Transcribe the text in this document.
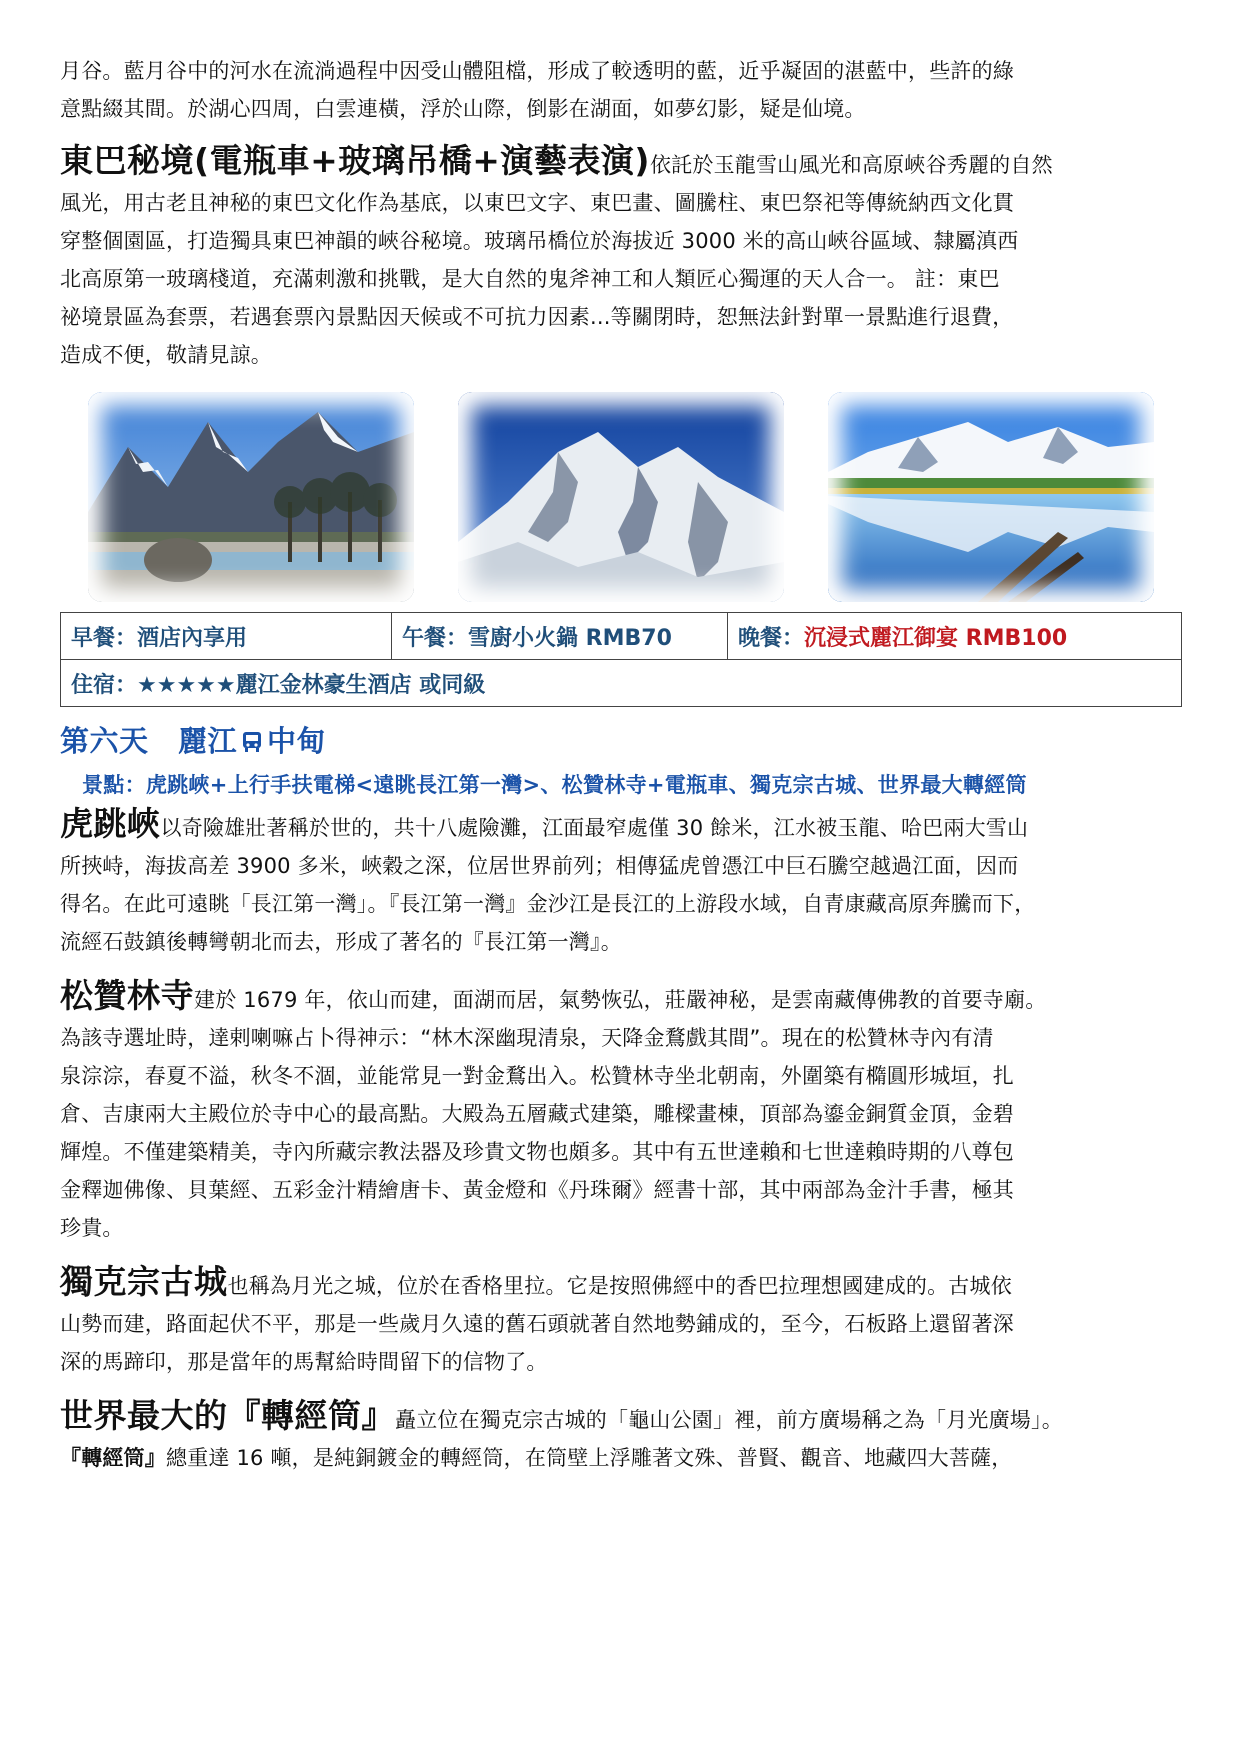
月谷。藍月谷中的河水在流淌過程中因受山體阻檔，形成了較透明的藍，近乎凝固的湛藍中，些許的綠
意點綴其間。於湖心四周，白雲連橫，浮於山際，倒影在湖面，如夢幻影，疑是仙境。

東巴秘境(電瓶車+玻璃吊橋+演藝表演)依託於玉龍雪山風光和高原峽谷秀麗的自然
風光，用古老且神秘的東巴文化作為基底，以東巴文字、東巴畫、圖騰柱、東巴祭祀等傳統納西文化貫
穿整個園區，打造獨具東巴神韻的峽谷秘境。玻璃吊橋位於海拔近 3000 米的高山峽谷區域、隸屬滇西
北高原第一玻璃棧道，充滿刺激和挑戰，是大自然的鬼斧神工和人類匠心獨運的天人合一。 註：東巴
祕境景區為套票，若遇套票內景點因天候或不可抗力因素...等關閉時，恕無法針對單一景點進行退費，
造成不便，敬請見諒。

早餐：酒店內享用	午餐：雪廚小火鍋 RMB70	晚餐：沉浸式麗江御宴 RMB100
住宿：★★★★★麗江金林豪生酒店 或同級
第六天　麗江 中甸
景點：虎跳峽+上行手扶電梯<遠眺長江第一灣>、松贊林寺+電瓶車、獨克宗古城、世界最大轉經筒

虎跳峽以奇險雄壯著稱於世的，共十八處險灘，江面最窄處僅 30 餘米，江水被玉龍、哈巴兩大雪山
所挾峙，海拔高差 3900 多米，峽穀之深，位居世界前列；相傳猛虎曾憑江中巨石騰空越過江面，因而
得名。在此可遠眺「長江第一灣」。『長江第一灣』金沙江是長江的上游段水域，自青康藏高原奔騰而下，
流經石鼓鎮後轉彎朝北而去，形成了著名的『長江第一灣』。

松贊林寺建於 1679 年，依山而建，面湖而居，氣勢恢弘，莊嚴神秘，是雲南藏傳佛教的首要寺廟。
為該寺選址時，達剌喇嘛占卜得神示：“林木深幽現清泉，天降金鶩戲其間”。現在的松贊林寺內有清
泉淙淙，春夏不溢，秋冬不涸，並能常見一對金鶩出入。松贊林寺坐北朝南，外圍築有橢圓形城垣，扎
倉、吉康兩大主殿位於寺中心的最高點。大殿為五層藏式建築，雕樑畫棟，頂部為鎏金銅質金頂，金碧
輝煌。不僅建築精美，寺內所藏宗教法器及珍貴文物也頗多。其中有五世達賴和七世達賴時期的八尊包
金釋迦佛像、貝葉經、五彩金汁精繪唐卡、黃金燈和《丹珠爾》經書十部，其中兩部為金汁手書，極其
珍貴。

獨克宗古城也稱為月光之城，位於在香格里拉。它是按照佛經中的香巴拉理想國建成的。古城依
山勢而建，路面起伏不平，那是一些歲月久遠的舊石頭就著自然地勢鋪成的，至今，石板路上還留著深
深的馬蹄印，那是當年的馬幫給時間留下的信物了。

世界最大的『轉經筒』矗立位在獨克宗古城的「龜山公園」裡，前方廣場稱之為「月光廣場」。
『轉經筒』總重達 16 噸，是純銅鍍金的轉經筒，在筒壁上浮雕著文殊、普賢、觀音、地藏四大菩薩，
